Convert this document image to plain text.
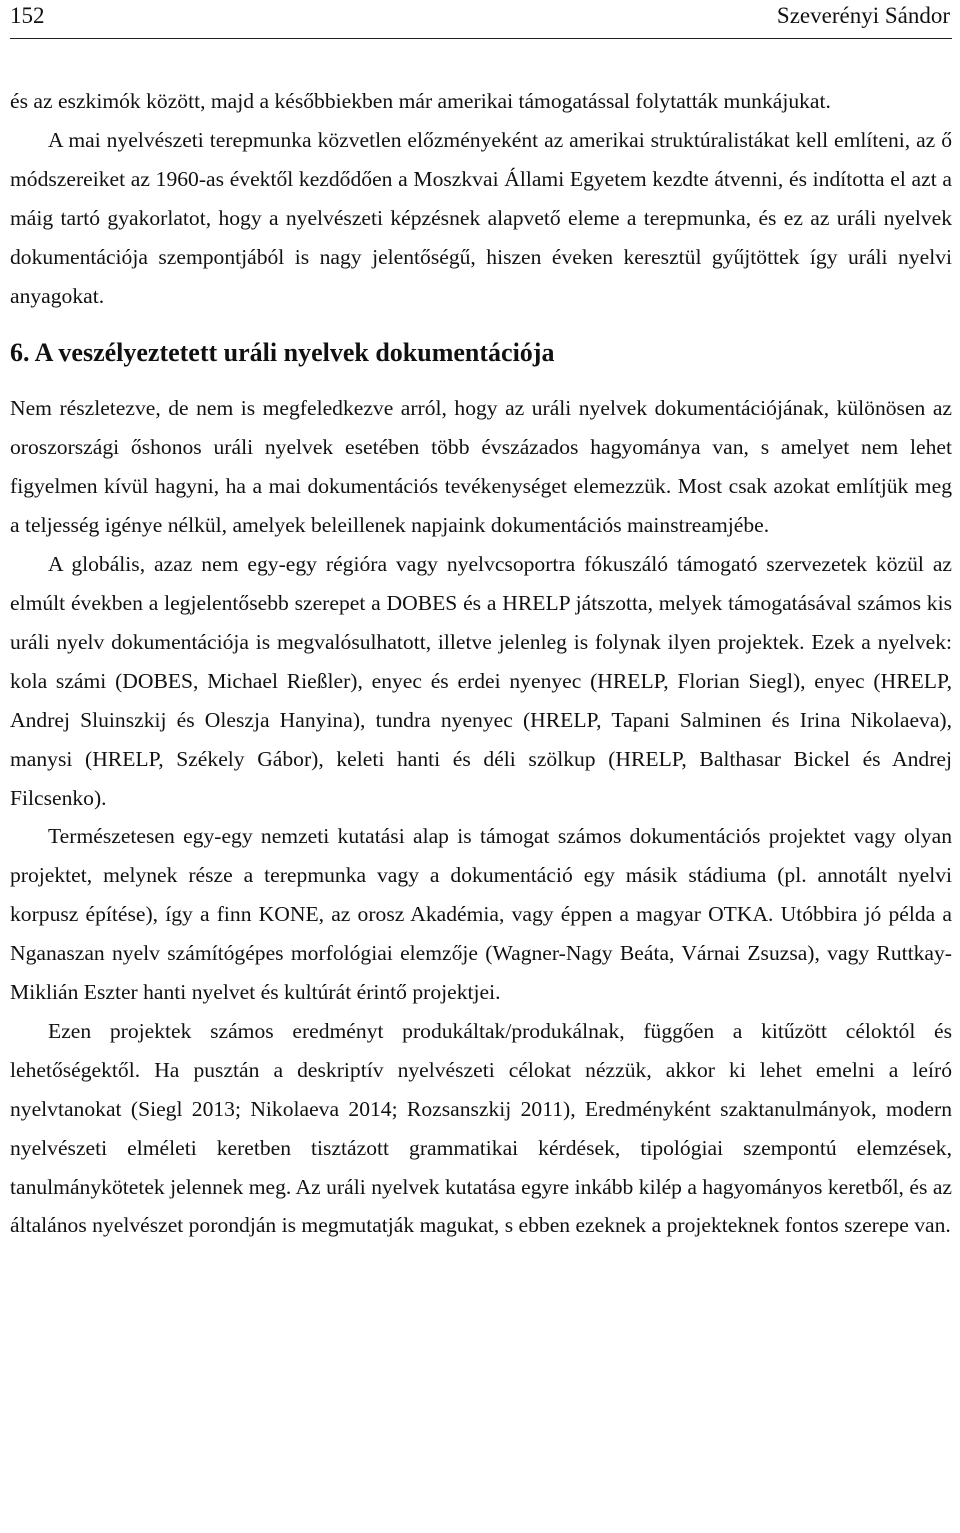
152	Szeverényi Sándor

és az eszkimók között, majd a későbbiekben már amerikai támogatással folytatták munkájukat.

A mai nyelvészeti terepmunka közvetlen előzményeként az amerikai struktúralistákat kell említeni, az ő módszereiket az 1960-as évektől kezdődően a Moszkvai Állami Egyetem kezdte átvenni, és indította el azt a máig tartó gyakorlatot, hogy a nyelvészeti képzésnek alapvető eleme a terepmunka, és ez az uráli nyelvek dokumentációja szempontjából is nagy jelentőségű, hiszen éveken keresztül gyűjtöttek így uráli nyelvi anyagokat.

6. A veszélyeztetett uráli nyelvek dokumentációja

Nem részletezve, de nem is megfeledkezve arról, hogy az uráli nyelvek dokumentációjának, különösen az oroszországi őshonos uráli nyelvek esetében több évszázados hagyománya van, s amelyet nem lehet figyelmen kívül hagyni, ha a mai dokumentációs tevékenységet elemezzük. Most csak azokat említjük meg a teljesség igénye nélkül, amelyek beleillenek napjaink dokumentációs mainstreamjébe.

A globális, azaz nem egy-egy régióra vagy nyelvcsoportra fókuszáló támogató szervezetek közül az elmúlt években a legjelentősebb szerepet a DOBES és a HRELP játszotta, melyek támogatásával számos kis uráli nyelv dokumentációja is megvalósulhatott, illetve jelenleg is folynak ilyen projektek. Ezek a nyelvek: kola számi (DOBES, Michael Rießler), enyec és erdei nyenyec (HRELP, Florian Siegl), enyec (HRELP, Andrej Sluinszkij és Oleszja Hanyina), tundra nyenyec (HRELP, Tapani Salminen és Irina Nikolaeva), manysi (HRELP, Székely Gábor), keleti hanti és déli szölkup (HRELP, Balthasar Bickel és Andrej Filcsenko).

Természetesen egy-egy nemzeti kutatási alap is támogat számos dokumentációs projektet vagy olyan projektet, melynek része a terepmunka vagy a dokumentáció egy másik stádiuma (pl. annotált nyelvi korpusz építése), így a finn KONE, az orosz Akadémia, vagy éppen a magyar OTKA. Utóbbira jó példa a Nganaszan nyelv számítógépes morfológiai elemzője (Wagner-Nagy Beáta, Várnai Zsuzsa), vagy Ruttkay-Miklián Eszter hanti nyelvet és kultúrát érintő projektjei.

Ezen projektek számos eredményt produkáltak/produkálnak, függően a kitűzött céloktól és lehetőségektől. Ha pusztán a deskriptív nyelvészeti célokat nézzük, akkor ki lehet emelni a leíró nyelvtanokat (Siegl 2013; Nikolaeva 2014; Rozsanszkij 2011), Eredményként szaktanulmányok, modern nyelvészeti elméleti keretben tisztázott grammatikai kérdések, tipológiai szempontú elemzések, tanulmánykötetek jelennek meg. Az uráli nyelvek kutatása egyre inkább kilép a hagyományos keretből, és az általános nyelvészet porondján is megmutatják magukat, s ebben ezeknek a projekteknek fontos szerepe van.
